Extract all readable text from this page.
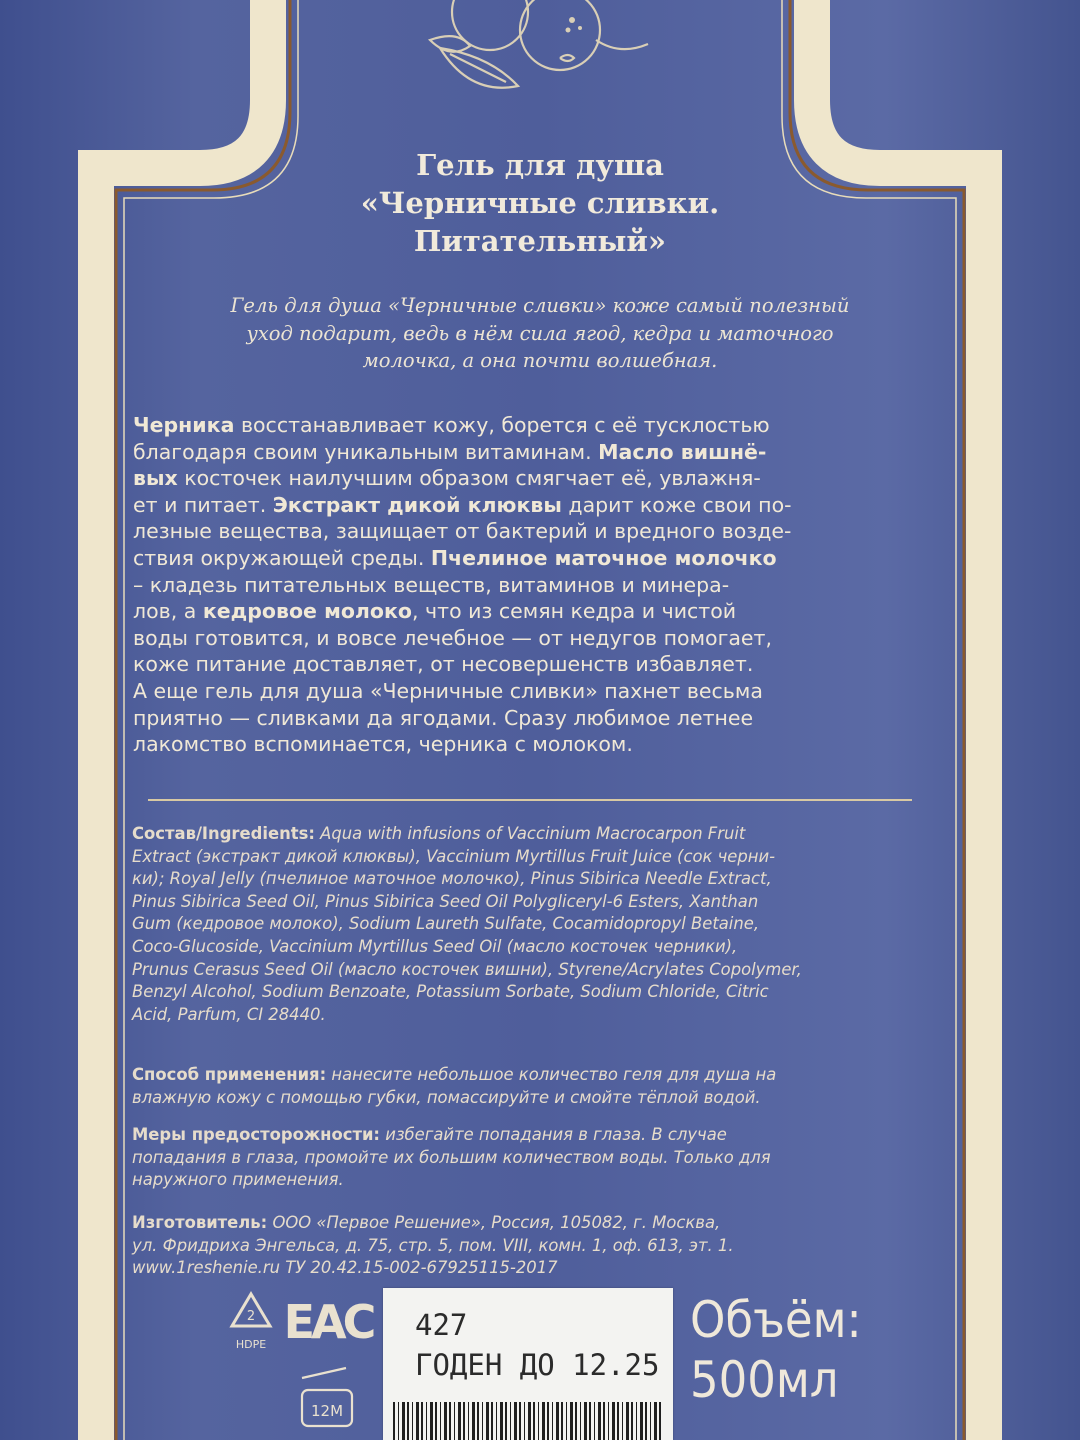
Гель для душа
«Черничные сливки.
Питательный»
Гель для душа «Черничные сливки» коже самый полезный
уход подарит, ведь в нём сила ягод, кедра и маточного
молочка, а она почти волшебная.
Черника восстанавливает кожу, борется с её тусклостью
благодаря своим уникальным витаминам. Масло вишнё-
вых косточек наилучшим образом смягчает её, увлажня-
ет и питает. Экстракт дикой клюквы дарит коже свои по-
лезные вещества, защищает от бактерий и вредного возде-
ствия окружающей среды. Пчелиное маточное молочко
– кладезь питательных веществ, витаминов и минера-
лов, а кедровое молоко, что из семян кедра и чистой
воды готовится, и вовсе лечебное — от недугов помогает,
коже питание доставляет, от несовершенств избавляет.
А еще гель для душа «Черничные сливки» пахнет весьма
приятно — сливками да ягодами. Сразу любимое летнее
лакомство вспоминается, черника с молоком.
Состав/Ingredients: Aqua with infusions of Vaccinium Macrocarpon Fruit
Extract (экстракт дикой клюквы), Vaccinium Myrtillus Fruit Juice (сок черни-
ки); Royal Jelly (пчелиное маточное молочко), Pinus Sibirica Needle Extract,
Pinus Sibirica Seed Oil, Pinus Sibirica Seed Oil Polygliceryl-6 Esters, Xanthan
Gum (кедровое молоко), Sodium Laureth Sulfate, Cocamidopropyl Betaine,
Coco-Glucoside, Vaccinium Myrtillus Seed Oil (масло косточек черники),
Prunus Cerasus Seed Oil (масло косточек вишни), Styrene/Acrylates Copolymer,
Benzyl Alcohol, Sodium Benzoate, Potassium Sorbate, Sodium Chloride, Citric
Acid, Parfum, CI 28440.
Способ применения: нанесите небольшое количество геля для душа на
влажную кожу с помощью губки, помассируйте и смойте тёплой водой.
Меры предосторожности: избегайте попадания в глаза. В случае
попадания в глаза, промойте их большим количеством воды. Только для
наружного применения.
Изготовитель: ООО «Первое Решение», Россия, 105082, г. Москва,
ул. Фридриха Энгельса, д. 75, стр. 5, пом. VIII, комн. 1, оф. 613, эт. 1.
www.1reshenie.ru ТУ 20.42.15-002-67925115-2017
2
HDPE EAC
12M
427
ГОДЕН ДО 12.25
Объём:
500мл
